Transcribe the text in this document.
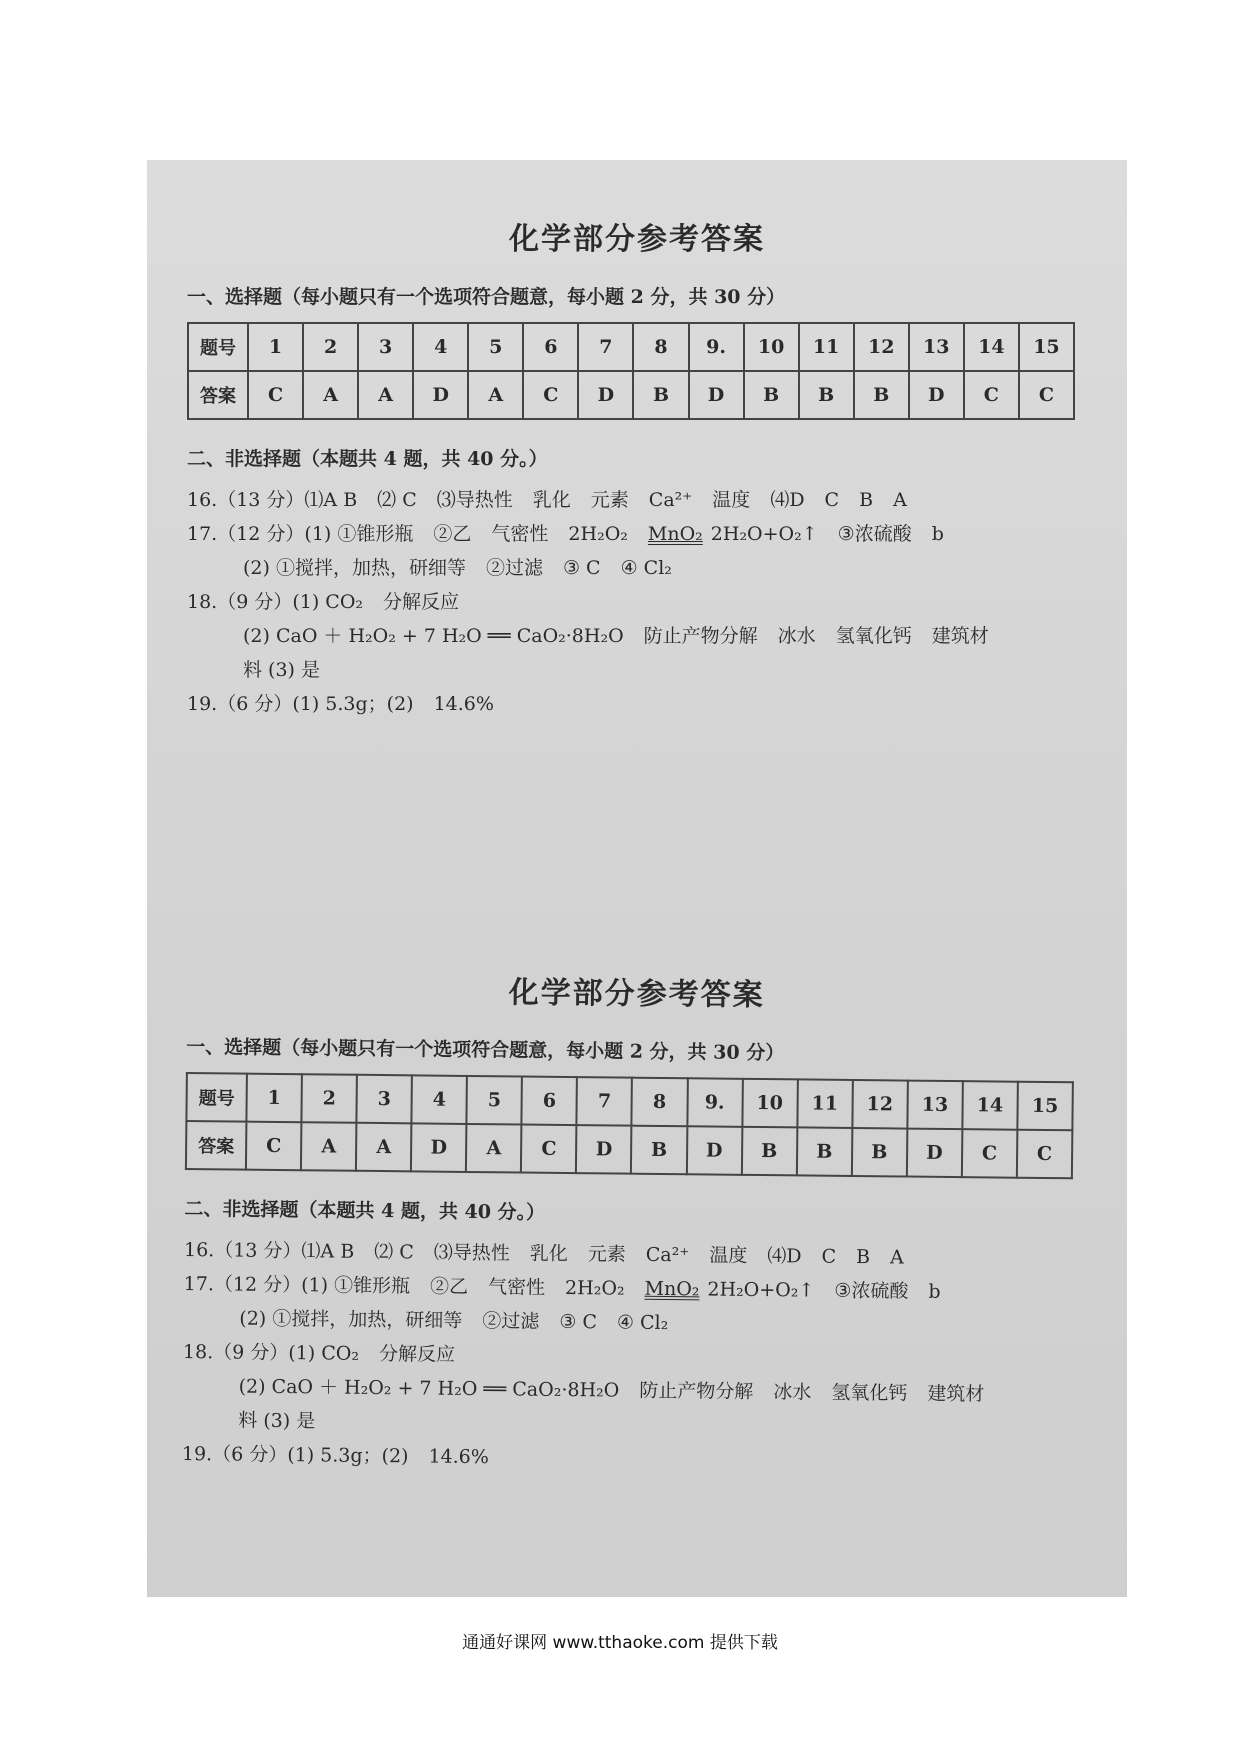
化学部分参考答案
一、选择题（每小题只有一个选项符合题意，每小题 2 分，共 30 分）
题号	1	2	3	4	5	6	7	8	9.	10	11	12	13	14	15
答案	C	A	A	D	A	C	D	B	D	B	B	B	D	C	C
二、非选择题（本题共 4 题，共 40 分。）
16.（13 分）⑴A B ⑵ C ⑶导热性 乳化 元素 Ca²⁺ 温度 ⑷D C B A
17.（12 分）(1) ①锥形瓶 ②乙 气密性 2H₂O₂ MnO₂ 2H₂O+O₂↑ ③浓硫酸 b
(2) ①搅拌，加热，研细等 ②过滤 ③ C ④ Cl₂
18.（9 分）(1) CO₂ 分解反应
(2) CaO ＋ H₂O₂ + 7 H₂O ══ CaO₂·8H₂O 防止产物分解 冰水 氢氧化钙 建筑材
料 (3) 是
19.（6 分）(1) 5.3g；(2) 14.6%
化学部分参考答案
一、选择题（每小题只有一个选项符合题意，每小题 2 分，共 30 分）
题号	1	2	3	4	5	6	7	8	9.	10	11	12	13	14	15
答案	C	A	A	D	A	C	D	B	D	B	B	B	D	C	C
二、非选择题（本题共 4 题，共 40 分。）
16.（13 分）⑴A B ⑵ C ⑶导热性 乳化 元素 Ca²⁺ 温度 ⑷D C B A
17.（12 分）(1) ①锥形瓶 ②乙 气密性 2H₂O₂ MnO₂ 2H₂O+O₂↑ ③浓硫酸 b
(2) ①搅拌，加热，研细等 ②过滤 ③ C ④ Cl₂
18.（9 分）(1) CO₂ 分解反应
(2) CaO ＋ H₂O₂ + 7 H₂O ══ CaO₂·8H₂O 防止产物分解 冰水 氢氧化钙 建筑材
料 (3) 是
19.（6 分）(1) 5.3g；(2) 14.6%
通通好课网 www.tthaoke.com 提供下载
